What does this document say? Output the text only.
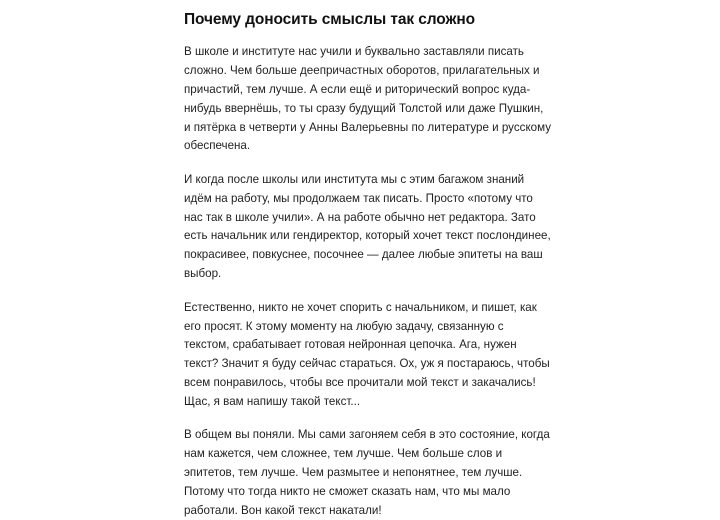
Почему доносить смыслы так сложно

В школе и институте нас учили и буквально заставляли писать сложно. Чем больше деепричастных оборотов, прилагательных и причастий, тем лучше. А если ещё и риторический вопрос куда-нибудь ввернёшь, то ты сразу будущий Толстой или даже Пушкин, и пятёрка в четверти у Анны Валерьевны по литературе и русскому обеспечена.

И когда после школы или института мы с этим багажом знаний идём на работу, мы продолжаем так писать. Просто «потому что нас так в школе учили». А на работе обычно нет редактора. Зато есть начальник или гендиректор, который хочет текст послондинее, покрасивее, повкуснее, посочнее — далее любые эпитеты на ваш выбор.

Естественно, никто не хочет спорить с начальником, и пишет, как его просят. К этому моменту на любую задачу, связанную с текстом, срабатывает готовая нейронная цепочка. Ага, нужен текст? Значит я буду сейчас стараться. Ох, уж я постараюсь, чтобы всем понравилось, чтобы все прочитали мой текст и закачались! Щас, я вам напишу такой текст...

В общем вы поняли. Мы сами загоняем себя в это состояние, когда нам кажется, чем сложнее, тем лучше. Чем больше слов и эпитетов, тем лучше. Чем размытее и непонятнее, тем лучше. Потому что тогда никто не сможет сказать нам, что мы мало работали. Вон какой текст накатали!
